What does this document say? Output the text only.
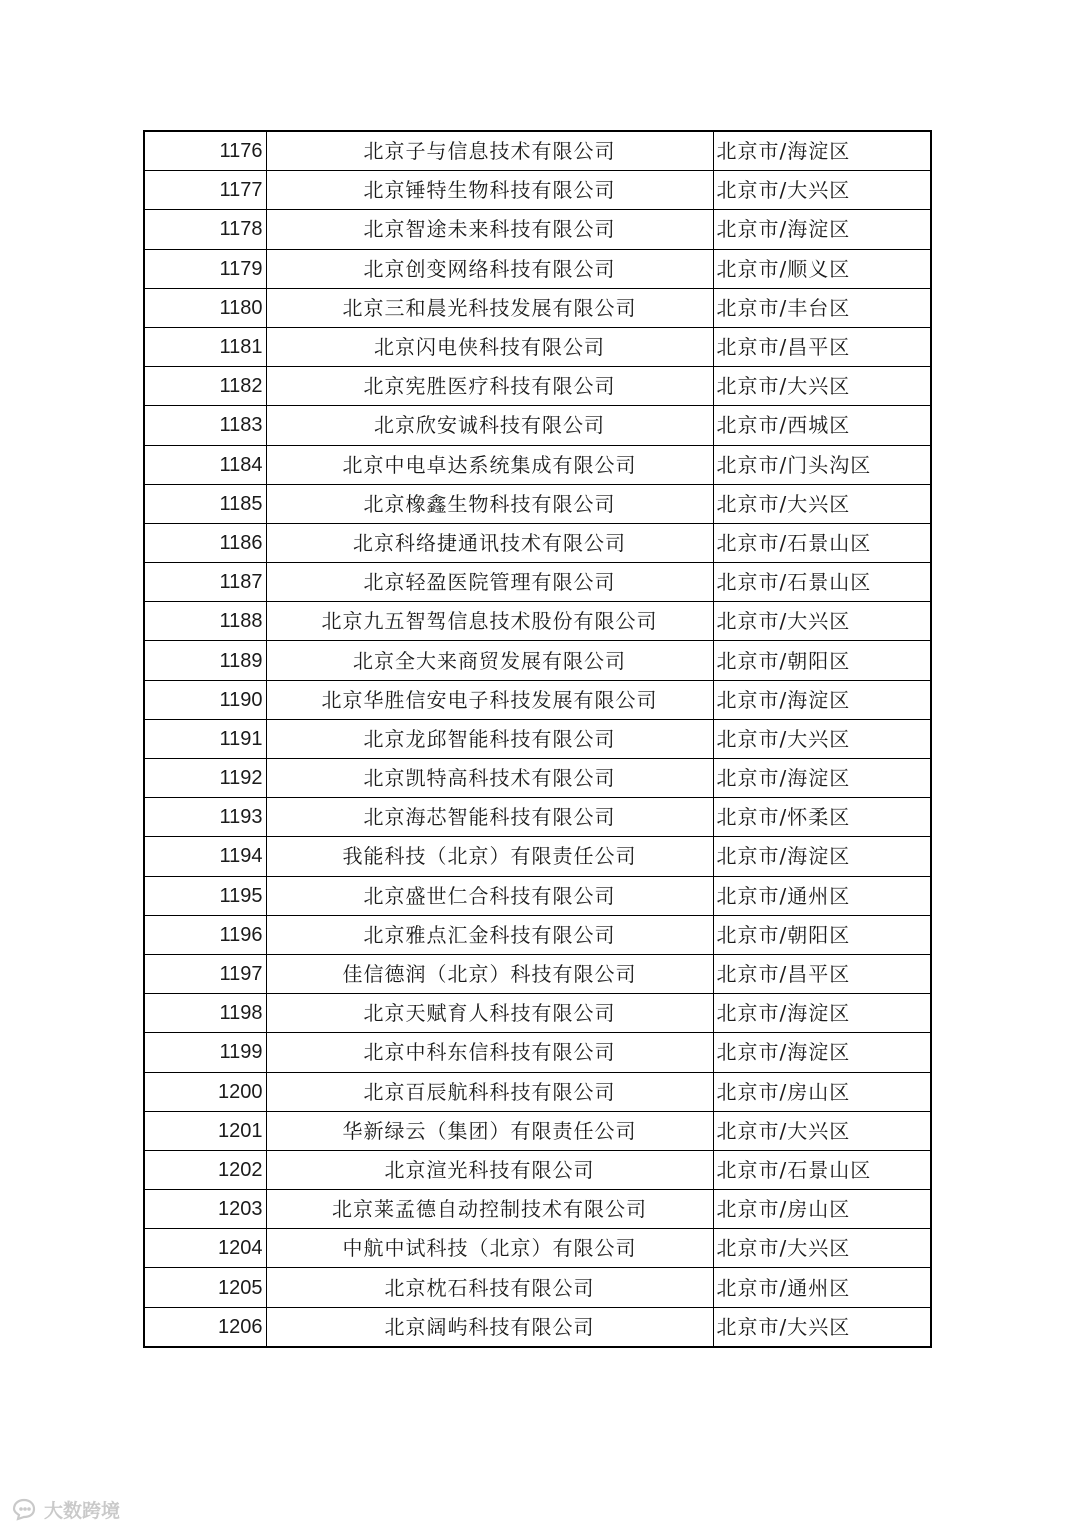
1176	北京子与信息技术有限公司	北京市/海淀区
1177	北京锤特生物科技有限公司	北京市/大兴区
1178	北京智途未来科技有限公司	北京市/海淀区
1179	北京创变网络科技有限公司	北京市/顺义区
1180	北京三和晨光科技发展有限公司	北京市/丰台区
1181	北京闪电侠科技有限公司	北京市/昌平区
1182	北京宪胜医疗科技有限公司	北京市/大兴区
1183	北京欣安诚科技有限公司	北京市/西城区
1184	北京中电卓达系统集成有限公司	北京市/门头沟区
1185	北京橡鑫生物科技有限公司	北京市/大兴区
1186	北京科络捷通讯技术有限公司	北京市/石景山区
1187	北京轻盈医院管理有限公司	北京市/石景山区
1188	北京九五智驾信息技术股份有限公司	北京市/大兴区
1189	北京全大来商贸发展有限公司	北京市/朝阳区
1190	北京华胜信安电子科技发展有限公司	北京市/海淀区
1191	北京龙邱智能科技有限公司	北京市/大兴区
1192	北京凯特高科技术有限公司	北京市/海淀区
1193	北京海芯智能科技有限公司	北京市/怀柔区
1194	我能科技（北京）有限责任公司	北京市/海淀区
1195	北京盛世仁合科技有限公司	北京市/通州区
1196	北京雅点汇金科技有限公司	北京市/朝阳区
1197	佳信德润（北京）科技有限公司	北京市/昌平区
1198	北京天赋育人科技有限公司	北京市/海淀区
1199	北京中科东信科技有限公司	北京市/海淀区
1200	北京百辰航科科技有限公司	北京市/房山区
1201	华新绿云（集团）有限责任公司	北京市/大兴区
1202	北京渲光科技有限公司	北京市/石景山区
1203	北京莱孟德自动控制技术有限公司	北京市/房山区
1204	中航中试科技（北京）有限公司	北京市/大兴区
1205	北京枕石科技有限公司	北京市/通州区
1206	北京阔屿科技有限公司	北京市/大兴区
大数跨境
